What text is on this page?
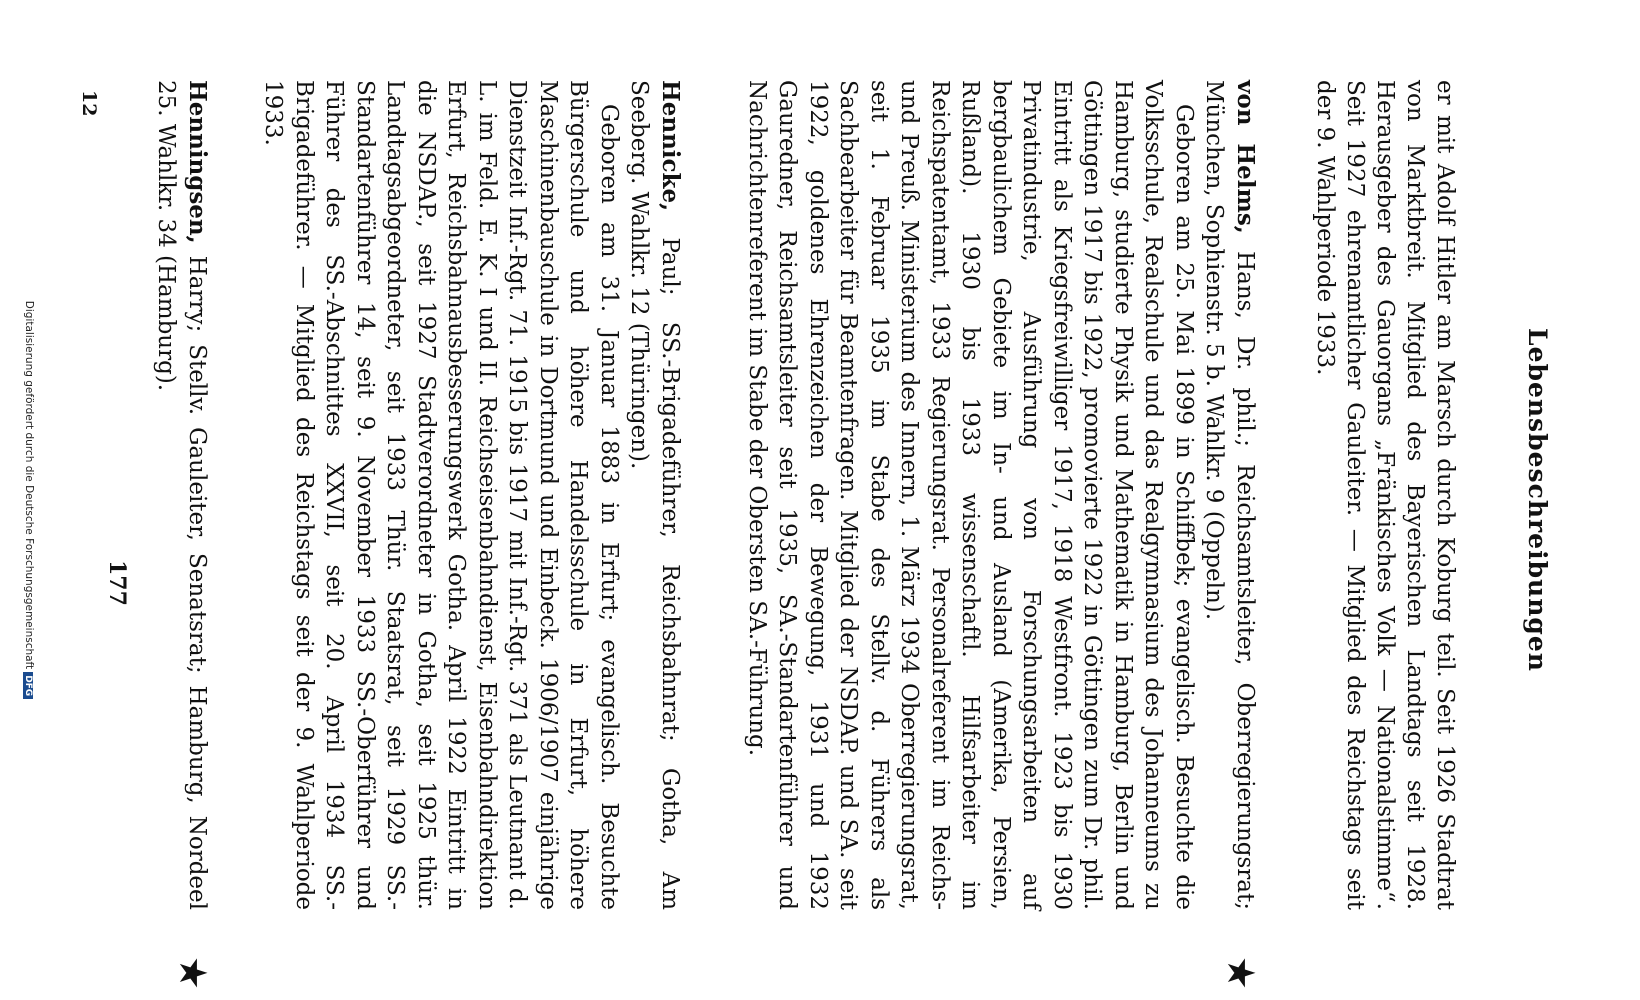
Lebensbeschreibungen
er mit Adolf Hitler am Marsch durch Koburg teil. Seit 1926 Stadtrat von Marktbreit. Mitglied des Bayerischen Landtags seit 1928. Herausgeber des Gauorgans „Fränkisches Volk — Nationalstimme“. Seit 1927 ehrenamtlicher Gauleiter. — Mitglied des Reichstags seit der 9. Wahlperiode 1933.

von Helms, Hans, Dr. phil.; Reichsamtsleiter, Oberregierungsrat; München, Sophienstr. 5 b. Wahlkr. 9 (Oppeln).

Geboren am 25. Mai 1899 in Schiffbek; evangelisch. Besuchte die Volksschule, Realschule und das Realgymnasium des Johanneums zu Hamburg, studierte Physik und Mathematik in Hamburg, Berlin und Göttingen 1917 bis 1922, promovierte 1922 in Göttingen zum Dr. phil. Eintritt als Kriegsfreiwilliger 1917, 1918 Westfront. 1923 bis 1930 Privatindustrie, Ausführung von Forschungsarbeiten auf bergbaulichem Gebiete im In- und Ausland (Amerika, Persien, Rußland). 1930 bis 1933 wissenschaftl. Hilfsarbeiter im Reichspatentamt, 1933 Regierungsrat. Personalreferent im Reichs- und Preuß. Ministerium des Innern, 1. März 1934 Oberregierungsrat, seit 1. Februar 1935 im Stabe des Stellv. d. Führers als Sachbearbeiter für Beamtenfragen. Mitglied der NSDAP. und SA. seit 1922, goldenes Ehrenzeichen der Bewegung, 1931 und 1932 Gauredner, Reichsamtsleiter seit 1935, SA.-Standartenführer und Nachrichtenreferent im Stabe der Obersten SA.-Führung.

★

Hennicke, Paul; SS.-Brigadeführer, Reichsbahnrat; Gotha, Am Seeberg. Wahlkr. 12 (Thüringen).

Geboren am 31. Januar 1883 in Erfurt; evangelisch. Besuchte Bürgerschule und höhere Handelsschule in Erfurt, höhere Maschinenbauschule in Dortmund und Einbeck. 1906/1907 einjährige Dienstzeit Inf.-Rgt. 71. 1915 bis 1917 mit Inf.-Rgt. 371 als Leutnant d. L. im Feld. E. K. I und II. Reichseisenbahndienst, Eisenbahndirektion Erfurt, Reichsbahnausbesserungswerk Gotha. April 1922 Eintritt in die NSDAP., seit 1927 Stadtverordneter in Gotha, seit 1925 thür. Landtagsabgeordneter, seit 1933 Thür. Staatsrat, seit 1929 SS.-Standartenführer 14, seit 9. November 1933 SS.-Oberführer und Führer des SS.-Abschnittes XXVII, seit 20. April 1934 SS.-Brigadeführer. — Mitglied des Reichstags seit der 9. Wahlperiode 1933.

Henningsen, Harry; Stellv. Gauleiter, Senatsrat; Hamburg, Nordeel 25. Wahlkr. 34 (Hamburg).

★
177
12
Digitalisierung gefördert durch die Deutsche ForschungsgemeinschaftDFG
